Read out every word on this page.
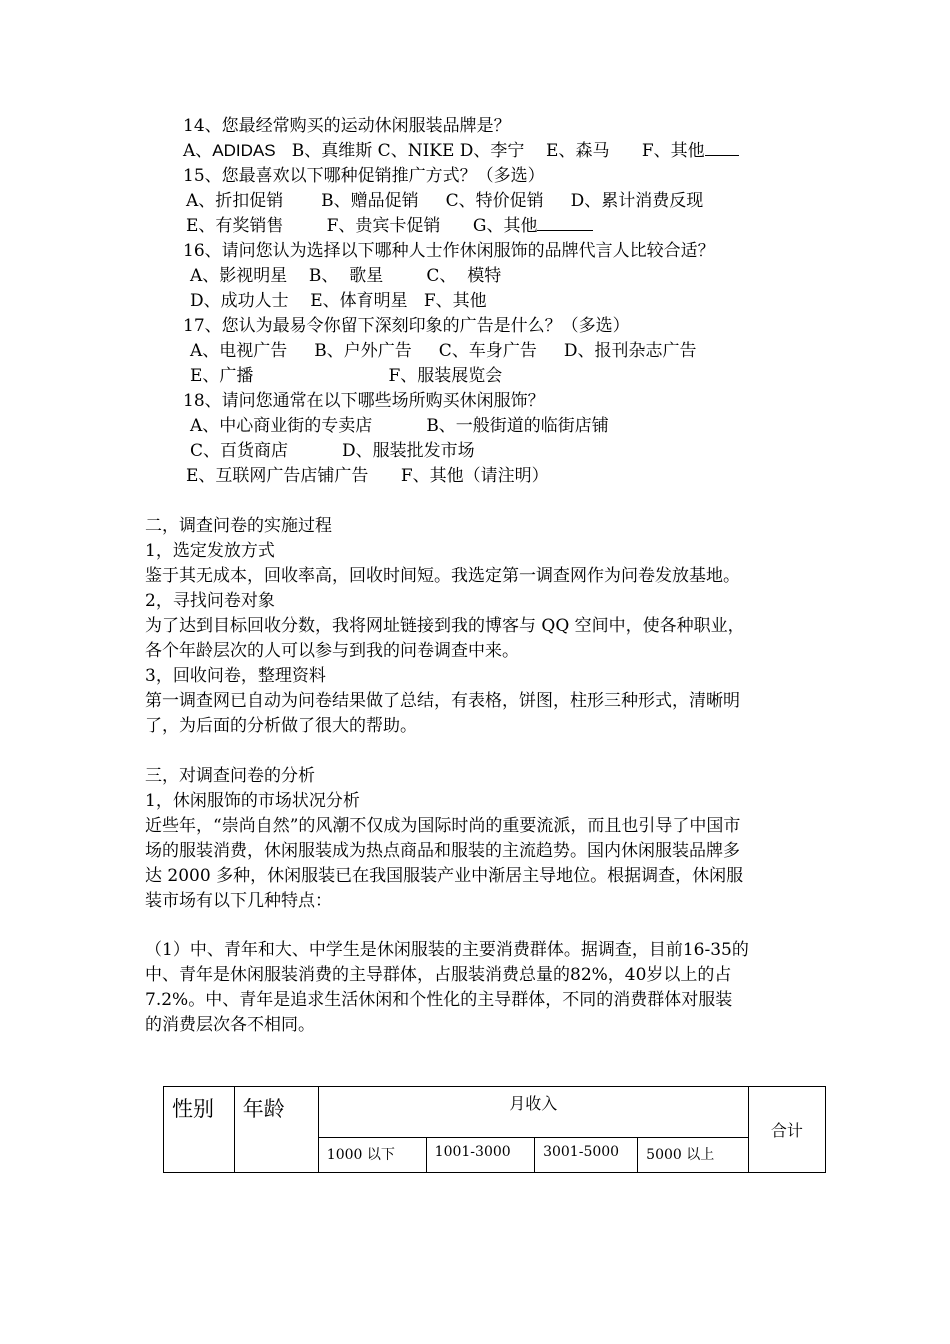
14、您最经常购买的运动休闲服装品牌是？
A、ADIDAS   B、真维斯 C、NIKE D、李宁    E、森马      F、其他
15、您最喜欢以下哪种促销推广方式？（多选）
A、折扣促销       B、赠品促销     C、特价促销     D、累计消费反现
E、有奖销售        F、贵宾卡促销      G、其他
16、请问您认为选择以下哪种人士作休闲服饰的品牌代言人比较合适？
A、影视明星    B、  歌星        C、  模特
D、成功人士    E、体育明星   F、其他
17、您认为最易令你留下深刻印象的广告是什么？（多选）
A、电视广告     B、户外广告     C、车身广告     D、报刊杂志广告
E、广播                         F、服装展览会
18、请问您通常在以下哪些场所购买休闲服饰？
A、中心商业街的专卖店          B、一般街道的临街店铺
C、百货商店          D、服装批发市场
E、互联网广告店铺广告      F、其他（请注明）
二，调查问卷的实施过程
1，选定发放方式
鉴于其无成本，回收率高，回收时间短。我选定第一调查网作为问卷发放基地。
2，寻找问卷对象
为了达到目标回收分数，我将网址链接到我的博客与 QQ 空间中，使各种职业，
各个年龄层次的人可以参与到我的问卷调查中来。
3，回收问卷，整理资料
第一调查网已自动为问卷结果做了总结，有表格，饼图，柱形三种形式，清晰明
了，为后面的分析做了很大的帮助。
三，对调查问卷的分析
1，休闲服饰的市场状况分析
近些年，“崇尚自然”的风潮不仅成为国际时尚的重要流派，而且也引导了中国市
场的服装消费，休闲服装成为热点商品和服装的主流趋势。国内休闲服装品牌多
达 2000 多种，休闲服装已在我国服装产业中渐居主导地位。根据调查，休闲服
装市场有以下几种特点：
（1）中、青年和大、中学生是休闲服装的主要消费群体。据调查，目前16-35的
中、青年是休闲服装消费的主导群体，占服装消费总量的82%，40岁以上的占
7.2%。中、青年是追求生活休闲和个性化的主导群体，不同的消费群体对服装
的消费层次各不相同。
性别	年龄	月收入				合计
		1000 以下	1001-3000	3001-5000	5000 以上	
